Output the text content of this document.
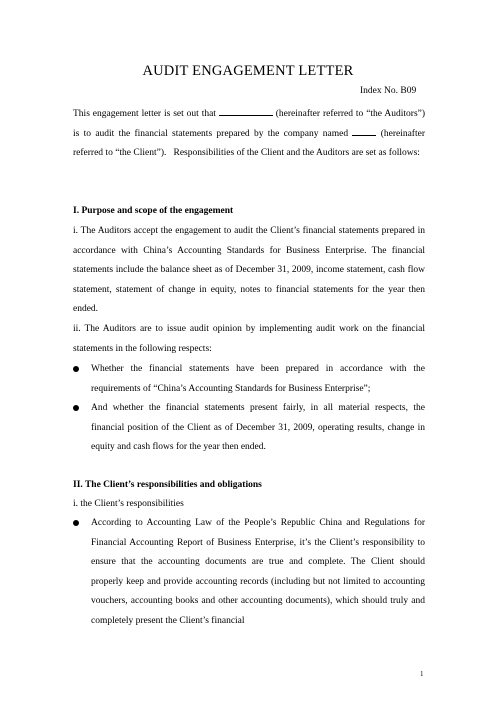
AUDIT ENGAGEMENT LETTER
Index No. B09

This engagement letter is set out that	(hereinafter referred to “the Auditors”) is to audit the financial statements prepared by the company named	(hereinafter referred to “the Client”).   Responsibilities of the Client and the Auditors are set as follows:

I. Purpose and scope of the engagement

i. The Auditors accept the engagement to audit the Client’s financial statements prepared in accordance with China’s Accounting Standards for Business Enterprise. The financial statements include the balance sheet as of December 31, 2009, income statement, cash flow statement, statement of change in equity, notes to financial statements for the year then ended.

ii. The Auditors are to issue audit opinion by implementing audit work on the financial statements in the following respects:

Whether the financial statements have been prepared in accordance with the requirements of “China’s Accounting Standards for Business Enterprise”;
And whether the financial statements present fairly, in all material respects, the financial position of the Client as of December 31, 2009, operating results, change in equity and cash flows for the year then ended.
II. The Client’s responsibilities and obligations
i. the Client’s responsibilities
According to Accounting Law of the People’s Republic China and Regulations for Financial Accounting Report of Business Enterprise, it’s the Client’s responsibility to ensure that the accounting documents are true and complete. The Client should properly keep and provide accounting records (including but not limited to accounting vouchers, accounting books and other accounting documents), which should truly and completely present the Client’s financial
1
